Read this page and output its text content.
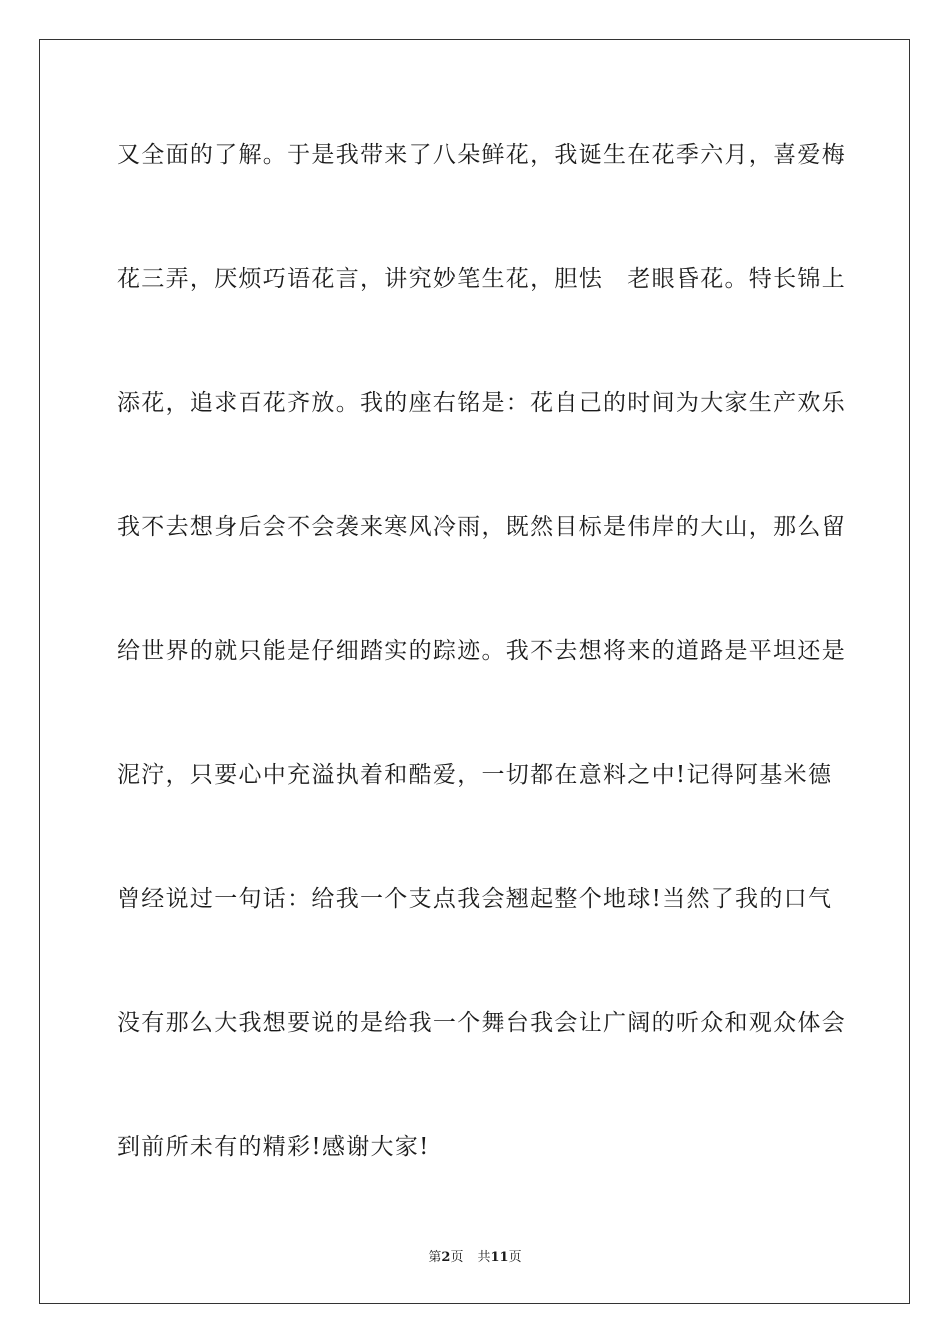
又全面的了解。于是我带来了八朵鲜花，我诞生在花季六月，喜爱梅

花三弄，厌烦巧语花言，讲究妙笔生花，胆怯　老眼昏花。特长锦上

添花，追求百花齐放。我的座右铭是：花自己的时间为大家生产欢乐

我不去想身后会不会袭来寒风冷雨，既然目标是伟岸的大山，那么留

给世界的就只能是仔细踏实的踪迹。我不去想将来的道路是平坦还是

泥泞，只要心中充溢执着和酷爱，一切都在意料之中!记得阿基米德

曾经说过一句话：给我一个支点我会翘起整个地球!当然了我的口气

没有那么大我想要说的是给我一个舞台我会让广阔的听众和观众体会

到前所未有的精彩!感谢大家!

第2页 共11页
